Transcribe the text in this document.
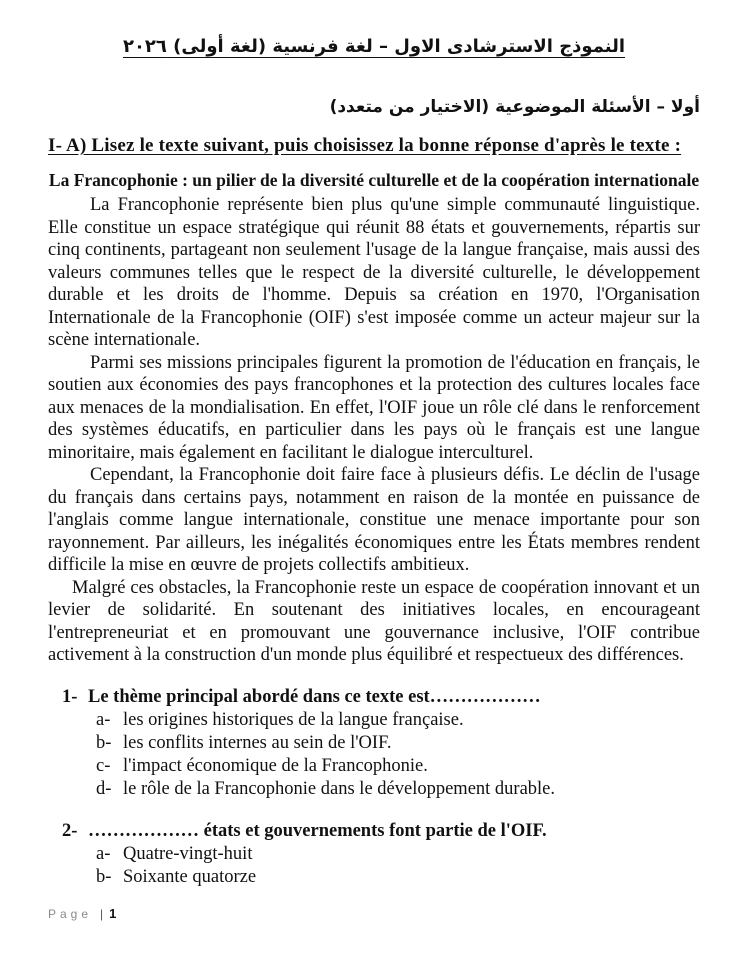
النموذج الاسترشادى الاول – لغة فرنسية (لغة أولى) ٢٠٢٦
أولا – الأسئلة الموضوعية (الاختيار من متعدد)
I- A) Lisez le texte suivant, puis choisissez la bonne réponse d'après le texte :
La Francophonie : un pilier de la diversité culturelle et de la coopération internationale

La Francophonie représente bien plus qu'une simple communauté linguistique. Elle constitue un espace stratégique qui réunit 88 états et gouvernements, répartis sur cinq continents, partageant non seulement l'usage de la langue française, mais aussi des valeurs communes telles que le respect de la diversité culturelle, le développement durable et les droits de l'homme. Depuis sa création en 1970, l'Organisation Internationale de la Francophonie (OIF) s'est imposée comme un acteur majeur sur la scène internationale.

Parmi ses missions principales figurent la promotion de l'éducation en français, le soutien aux économies des pays francophones et la protection des cultures locales face aux menaces de la mondialisation. En effet, l'OIF joue un rôle clé dans le renforcement des systèmes éducatifs, en particulier dans les pays où le français est une langue minoritaire, mais également en facilitant le dialogue interculturel.

Cependant, la Francophonie doit faire face à plusieurs défis. Le déclin de l'usage du français dans certains pays, notamment en raison de la montée en puissance de l'anglais comme langue internationale, constitue une menace importante pour son rayonnement. Par ailleurs, les inégalités économiques entre les États membres rendent difficile la mise en œuvre de projets collectifs ambitieux.

Malgré ces obstacles, la Francophonie reste un espace de coopération innovant et un levier de solidarité. En soutenant des initiatives locales, en encourageant l'entrepreneuriat et en promouvant une gouvernance inclusive, l'OIF contribue activement à la construction d'un monde plus équilibré et respectueux des différences.

1- Le thème principal abordé dans ce texte est………………
a- les origines historiques de la langue française.
b- les conflits internes au sein de l'OIF.
c- l'impact économique de la Francophonie.
d- le rôle de la Francophonie dans le développement durable.
2- ……………… états et gouvernements font partie de l'OIF.
a- Quatre-vingt-huit
b- Soixante quatorze
Page | 1
